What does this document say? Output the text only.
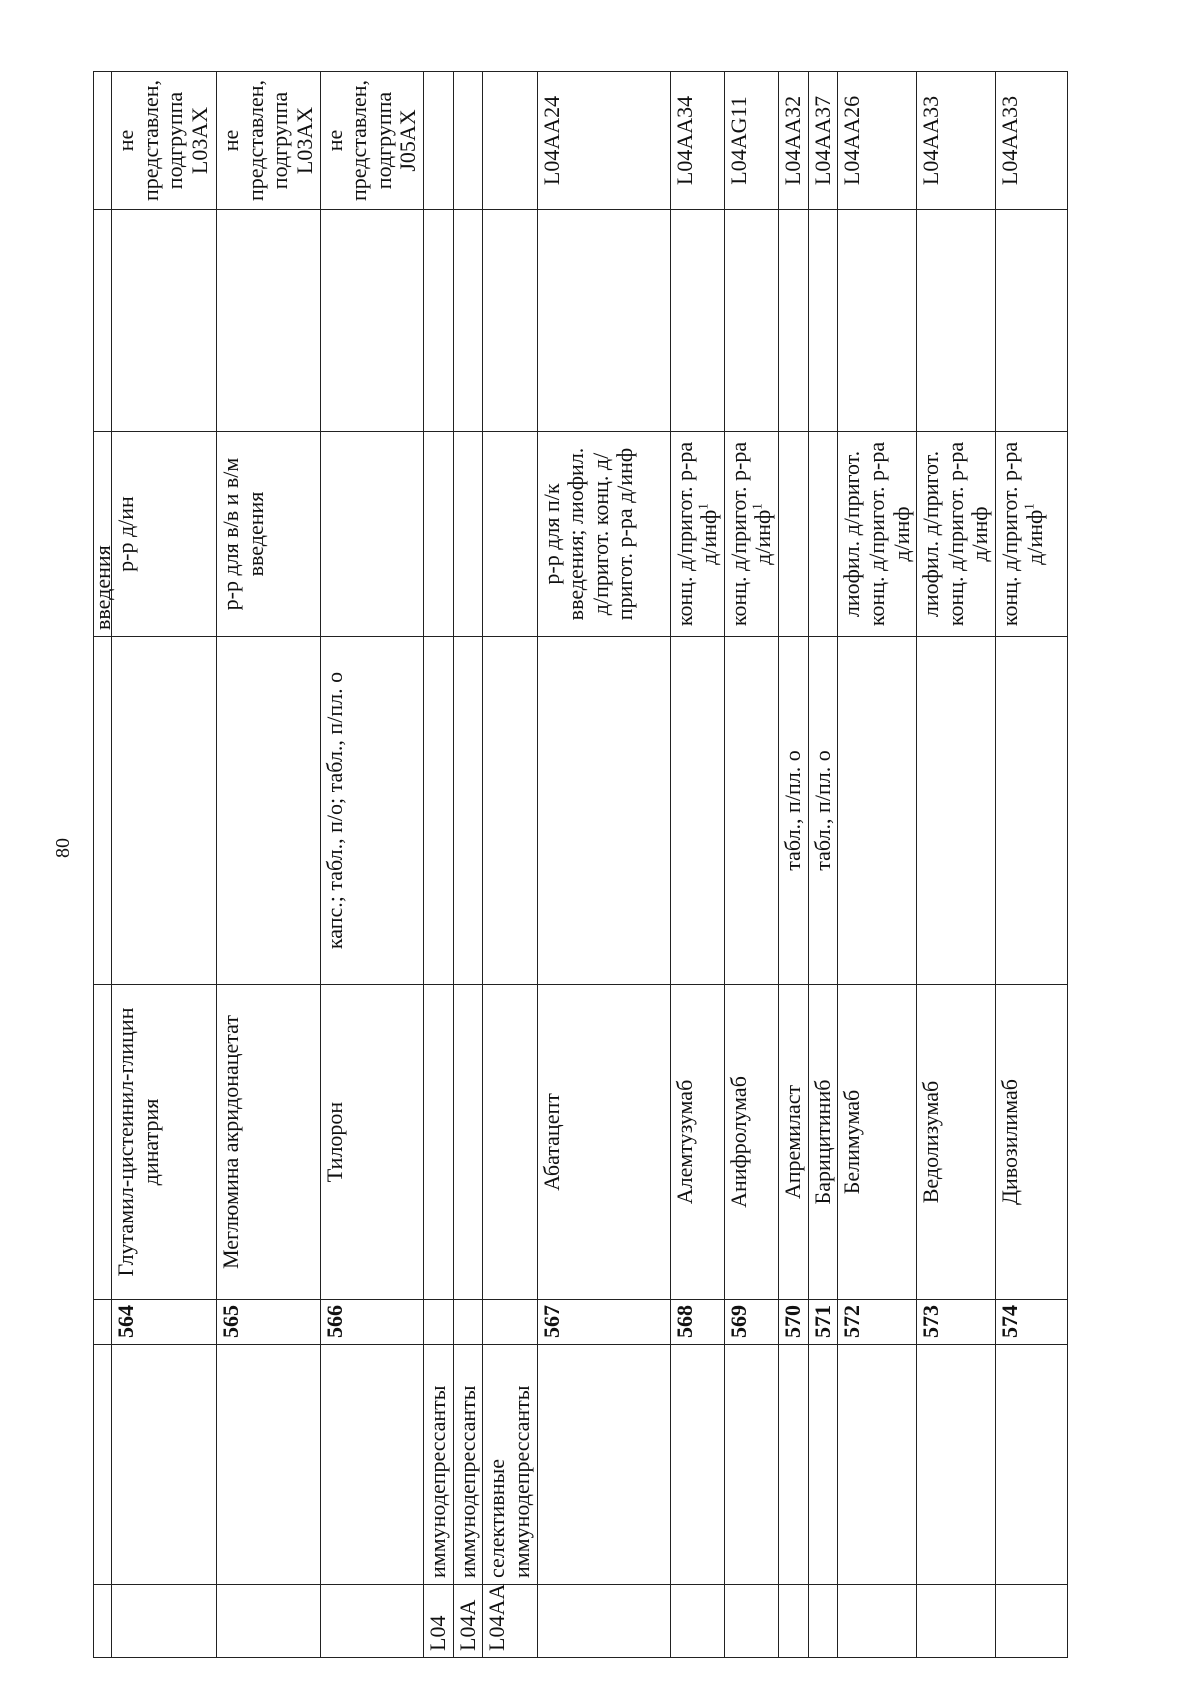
80
					введения		
		564	Глутамил-цистеинил-глицин динатрия		р-р д/ин		не представлен, подгруппа L03AX
		565	Меглюмина акридонацетат		р-р для в/в и в/м введения		не представлен, подгруппа L03AX
		566	Тилорон	капс.; табл., п/о; табл., п/пл. о			не представлен, подгруппа J05AX
L04	иммунодепрессанты						
L04A	иммунодепрессанты						
L04AA	селективные иммунодепрессанты						
		567	Абатацепт		р-р для п/к введения; лиофил. д/пригот. конц. д/пригот. р-ра д/инф		L04AA24
		568	Алемтузумаб		конц. д/пригот. р-ра д/инф$^1$		L04AA34
		569	Анифролумаб		конц. д/пригот. р-ра д/инф$^1$		L04AG11
		570	Апремиласт	табл., п/пл. о			L04AA32
		571	Барицитиниб	табл., п/пл. о			L04AA37
		572	Белимумаб		лиофил. д/пригот. конц. д/пригот. р-ра д/инф		L04AA26
		573	Ведолизумаб		лиофил. д/пригот. конц. д/пригот. р-ра д/инф		L04AA33
		574	Дивозилимаб		конц. д/пригот. р-ра д/инф$^1$		L04AA33
